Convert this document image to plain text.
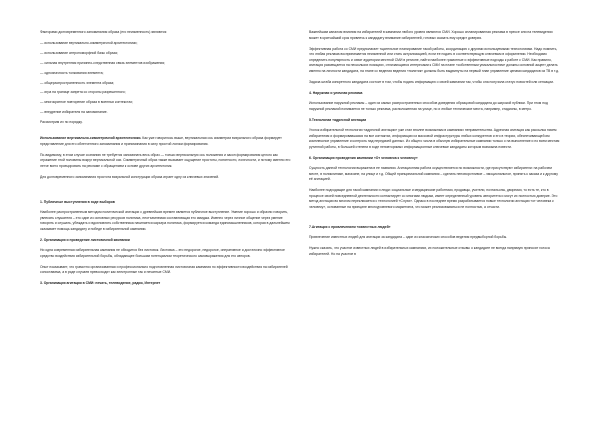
Факторами долговременного запоминания образа (его неизменность) являются:

— использование вертикально-симметричной архитектоники;

— использование антропоморфной базы образа;

— сильная внутренняя причинно-следственная связь элементов изображения;

— однозначность толкования элемента;

— общераспространенность элемента образа;

— игра на границе запрета со стороны разрешенного;

— многократное повторение образа в военных контекстах;

— внедрение избирателя на запоминание.

Рассмотрим их по порядку.

Использование вертикально-симметричной архитектоники. Как уже говорилось выше, вертикальная ось симметрии визуального образа формирует представление для его облегченного запоминания и припоминания в силу простой логики формирования.

По-видимому, в этом случае сознанию не требуется запоминать весь образ — только вертикальную ось положения и закон формирования целого как отражение этой половины вокруг вертикальной оси. Симметричный образ также вызывает ощущение простоты, понятности, логичности, и потому именно его легче всего проецировать на рекламе с обращением к основе других архитектоник.

Для долговременного запоминания простота визуальной конструкции образа играет одну из ключевых значений.

1. Публичные выступления в ходе выборов

Наиболее распространенным методом политической агитации с древнейших времен является публичное выступление. Умение хорошо и образно говорить, увлекать слушателя – это один из основных ресурсов политика, неотъемлемая составляющая его имиджа. Именно через личное общение через умение говорить и слушать, убеждать и вдохновлять собственника начинается карьера политика, формируется команда единомышленников, которая в дальнейшем оказывает помощь кандидату и победе в избирательной кампании.

2. Организация и проведение листовочной кампании

Ни одна современная избирательная кампания не обходится без листовок. Листовка – это недорогое, недорогое, оперативное и достаточно эффективное средство воздействия избирательной борьбы, обладающее большим потенциалом теоретического самовыражения для его авторов.

Опыт показывает, что грамотно организованная и профессионально подготовленная листовочная кампания по эффективности воздействия на избирателей сопоставима, а в ряде случаев превосходит как электронные так и печатные СМИ.

3. Организация агитации в СМИ: печать, телевидение, радио, Интернет

Важнейшим каналом влияния на избирателей в кампании любого уровня являются СМИ. Хорошо спланированная реклама в прессе или на телевидении может в кратчайший срок привлечь к кандидату внимание избирателей, готовых сказать ему кредит доверия.

Эффективная работа со СМИ предполагает тщательное планирование такой работы, координацию с другими используемыми технологиями. Надо помнить, что любая реклама воспринимается неизменной или стать актуализацией, если ее подать в соответствующую ключевым в оформлении. Необходимо определить популярность и охват аудитории местной СМИ в регионе, найти наиболее грамотные и эффективные подходы к работе с СМИ. Как правило, агитация размещается на нескольких позициях, отличающиеся интересами к СМИ на плане «собственным уникальностям» должны основной акцент делать именно на личности кандидата, на этапе сс ведения ведения «политик» должны быть выдвинуты на первый план управление ценами кандидатов из ТВ в т.д.

Задача штаба конкретного кандидата состоит в том, чтобы подать информацию о своей кампании так, чтобы она получила статус новостей или сенсации.

4. Наружная и уличная реклама

Использование наружной рекламы – один из самых распространенных способов доведения образцовой кандидата до широкой публики. При этом под наружной рекламой понимается не только реклама, расположенная на улице, но и любые технические места, например, стадионы, в метро.

5.Технологии «адресной агитации

Уголок избирательной технологии «адресной агитации» уже стал вполне возможным в кампаниях неправительства. Адресная агитация как рассылка писем избирателям и формировавшаяся на все контактах, информации из массовой инфраструктуры любых конкурентов и его в теории, обеспечивающей им комплексное управление и контроль над передачей данных. Из общего числа в обычную избирательные кампании только о на выполнение и по всем местам рутинной работы, в большей степени в ходе неповторимых информационные ключевые кандидаты которым возможна повести.

6. Организация проведения кампании «От человека к человеку»

Сущность данной технологии выражена в ее названии. Агитационная работа осуществляется по возможности, где присутствуют избиратели: на рабочем месте, в поликлинике, магазине, на улице и т.д. Общей принципиальной кампания – сделать неповоротливое – эмоциональное, принять к заказа и к другому её агитацией.

Наиболее подходящие для такой кампании и люди: социальные и медицинские работники, продавцы, учители, почтальоны, дворники, то есть те, кто в процессе своей повседневной деятельности контактирует со многими людьми, имеет определенный уровень авторитета и могут их полностью доверие. Это метод агитации во многом перекликается с технологией «Слухи». Однако в последнее время разрабатывается новые технологии агитации «от человека к человеку», основанные на принципе многоуровневого маркетинга, что может реализовываться не полностью, а отчасти.

7.Агитация с привлечением «известных людей»

Привлечение известных людей для агитации за кандидата – один из классических способов ведения предвыборной борьбы.

Нужно сказать, что участие известных людей в избирательных кампаниях, их положительные отзывы о кандидате не всегда напрямую приносят голоса избирателей. Но на участие в
